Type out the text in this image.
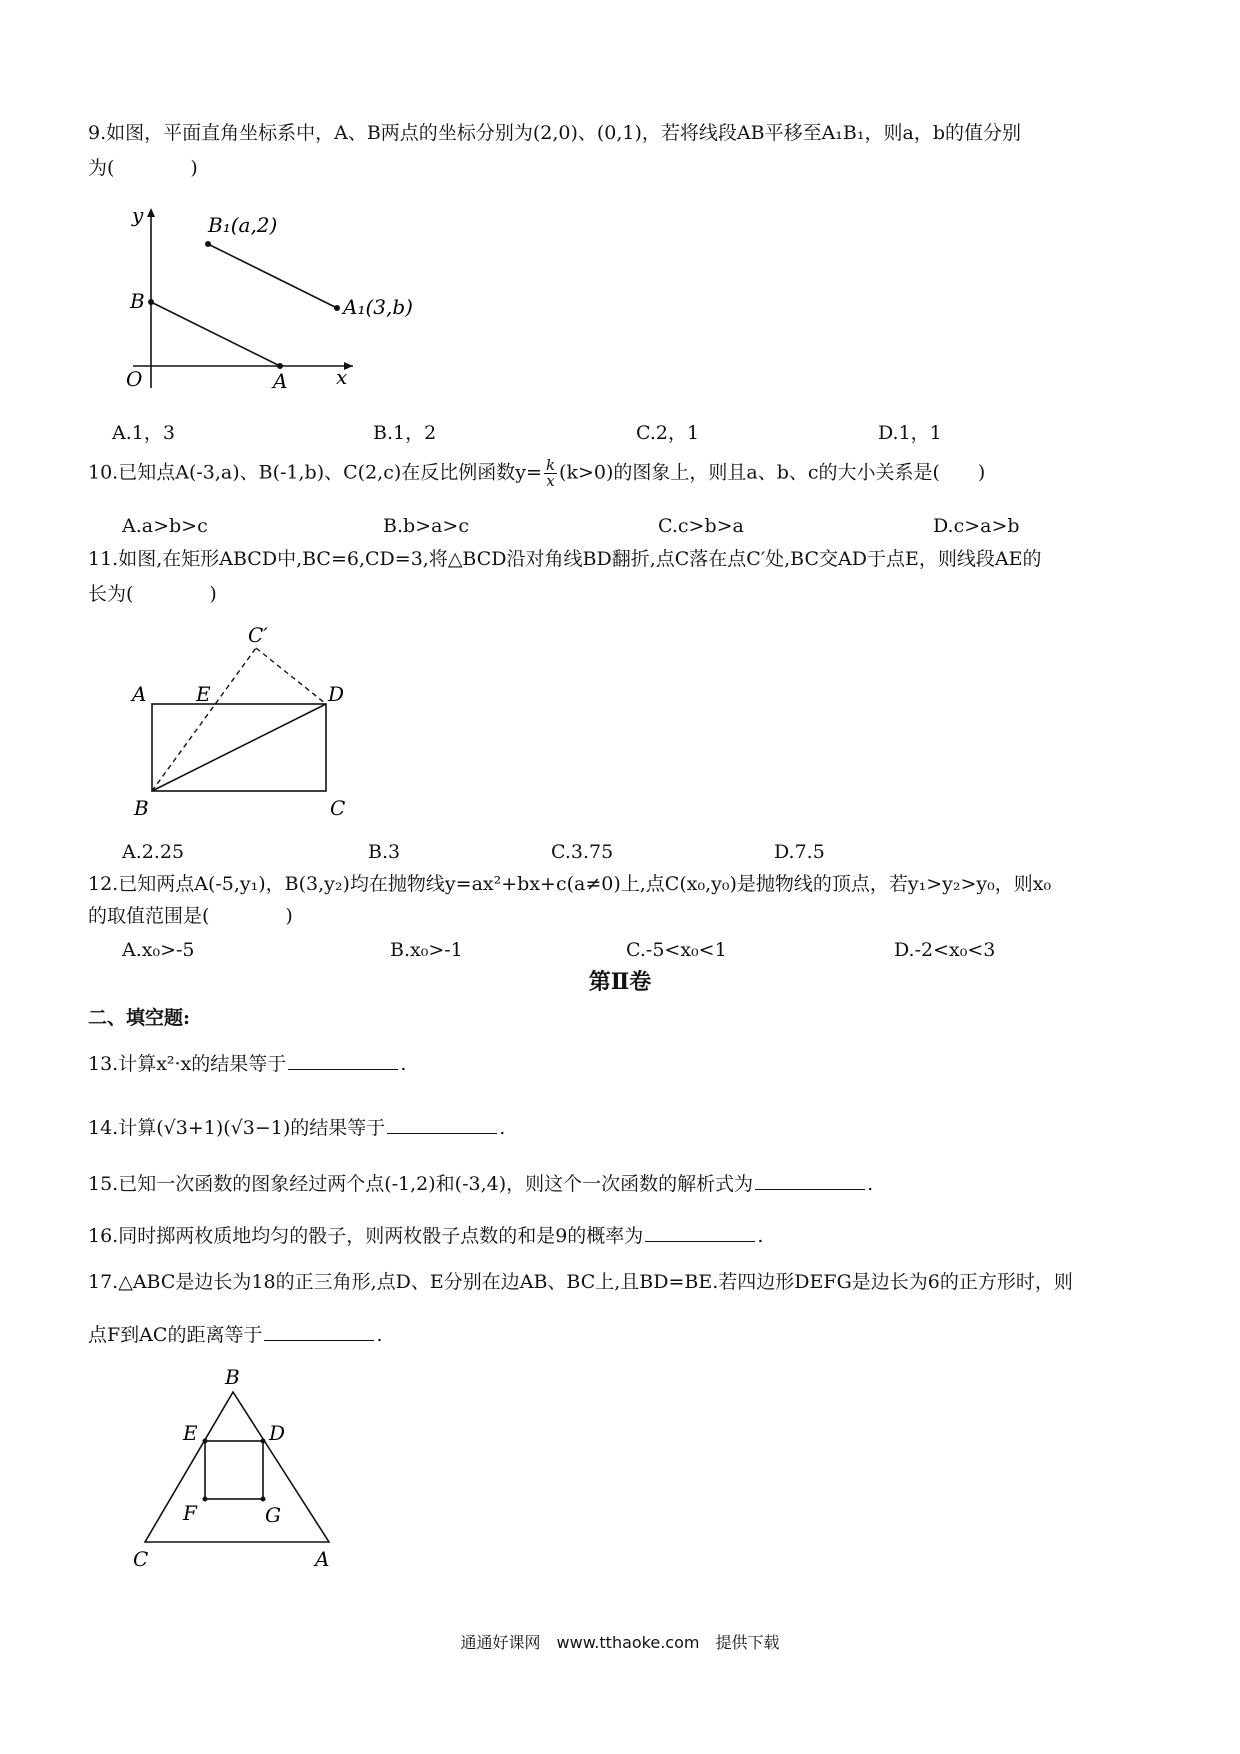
9.如图，平面直角坐标系中，A、B两点的坐标分别为(2,0)、(0,1)，若将线段AB平移至A₁B₁，则a，b的值分别
为(　　　　)
y
x
O	A
B
B₁(a,2)
A₁(3,b)
A.1，3	B.1，2	C.2，1	D.1，1
10.已知点A(-3,a)、B(-1,b)、C(2,c)在反比例函数$y= \frac{k}{x} (k>0)$的图象上，则且a、b、c的大小关系是(　　)
A.a>b>c	B.b>a>c	C.c>b>a	D.c>a>b
11.如图,在矩形ABCD中,BC=6,CD=3,将△BCD沿对角线BD翻折,点C落在点C′处,BC交AD于点E，则线段AE的
长为(　　　　)
C′
A E	D
B	C
A.2.25	B.3	C.3.75	D.7.5
12.已知两点A(-5,y₁)，B(3,y₂)均在抛物线y=ax²+bx+c(a≠0)上,点C(x₀,y₀)是抛物线的顶点，若y₁>y₂>y₀，则x₀
的取值范围是(　　　　)
A.x₀>-5	B.x₀>-1	C.-5<x₀<1	D.-2<x₀<3
第Ⅱ卷
二、填空题:
13.计算x²·x的结果等于	.
14.计算(√3+1)(√3−1)的结果等于	.
15.已知一次函数的图象经过两个点(-1,2)和(-3,4)，则这个一次函数的解析式为	.
16.同时掷两枚质地均匀的骰子，则两枚骰子点数的和是9的概率为	.
17.△ABC是边长为18的正三角形,点D、E分别在边AB、BC上,且BD=BE.若四边形DEFG是边长为6的正方形时，则
点F到AC的距离等于	.
B
E	D
F	G
C	A
通通好课网　www.tthaoke.com　提供下载
